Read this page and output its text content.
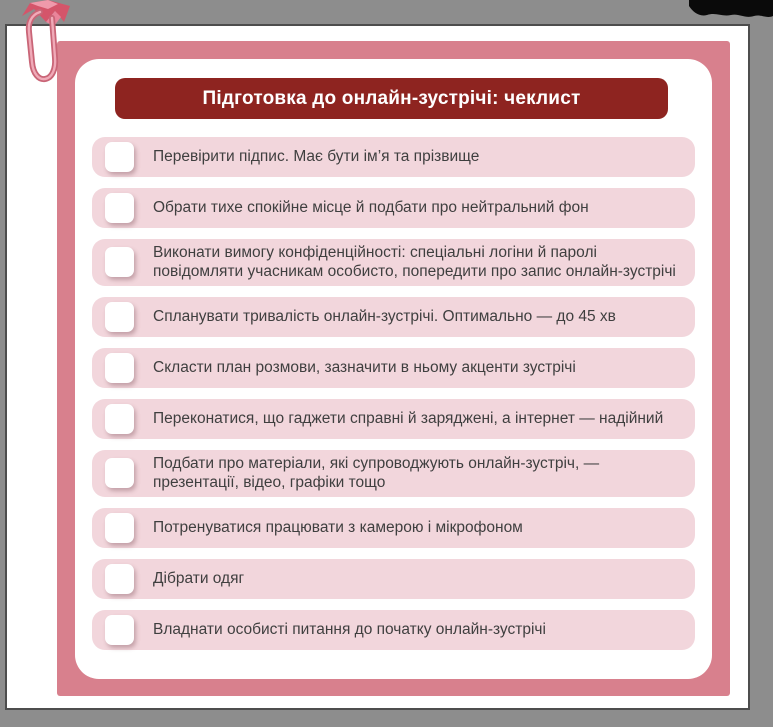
Підготовка до онлайн-зустрічі: чеклист
Перевірити підпис. Має бути ім’я та прізвище
Обрати тихе спокійне місце й подбати про нейтральний фон
Виконати вимогу конфіденційності: спеціальні логіни й паролі повідомляти учасникам особисто, попередити про запис онлайн-зустрічі
Спланувати тривалість онлайн-зустрічі. Оптимально — до 45 хв
Скласти план розмови, зазначити в ньому акценти зустрічі
Переконатися, що гаджети справні й заряджені, а інтернет — надійний
Подбати про матеріали, які супроводжують онлайн-зустріч, — презентації, відео, графіки тощо
Потренуватися працювати з камерою і мікрофоном
Дібрати одяг
Владнати особисті питання до початку онлайн-зустрічі
